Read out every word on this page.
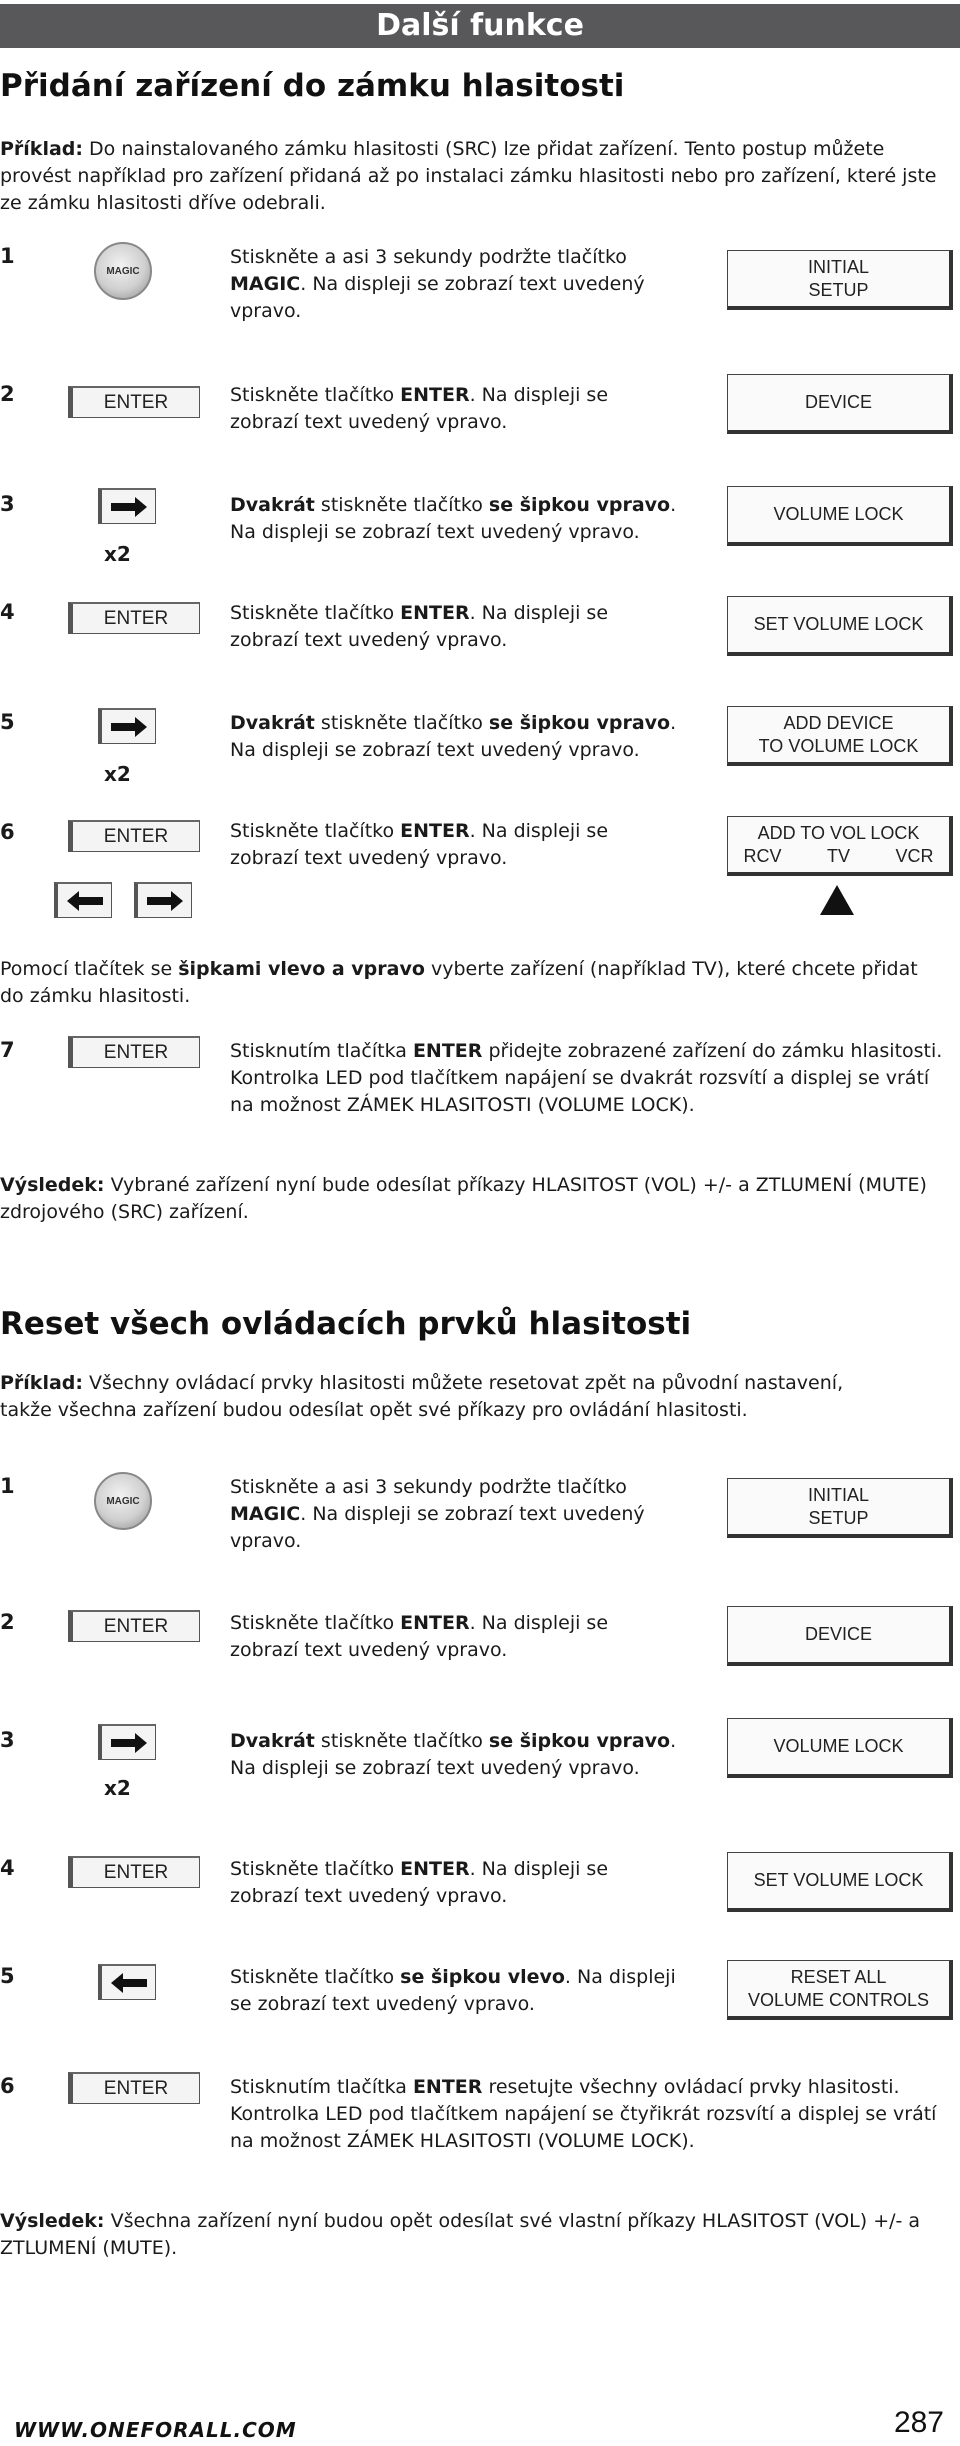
Další funkce
Přidání zařízení do zámku hlasitosti
Příklad: Do nainstalovaného zámku hlasitosti (SRC) lze přidat zařízení. Tento postup můžete provést například pro zařízení přidaná až po instalaci zámku hlasitosti nebo pro zařízení, které jste ze zámku hlasitosti dříve odebrali.
1
MAGIC
Stiskněte a asi 3 sekundy podržte tlačítko MAGIC. Na displeji se zobrazí text uvedený vpravo.
INITIAL
SETUP
2	ENTER	Stiskněte tlačítko ENTER. Na displeji se zobrazí text uvedený vpravo.
DEVICE
3
x2
Dvakrát stiskněte tlačítko se šipkou vpravo. Na displeji se zobrazí text uvedený vpravo.
VOLUME LOCK
4	ENTER	Stiskněte tlačítko ENTER. Na displeji se zobrazí text uvedený vpravo.
SET VOLUME LOCK
5
x2
Dvakrát stiskněte tlačítko se šipkou vpravo. Na displeji se zobrazí text uvedený vpravo.
ADD DEVICE
TO VOLUME LOCK
6	ENTER	Stiskněte tlačítko ENTER. Na displeji se zobrazí text uvedený vpravo.
ADD TO VOL LOCK
RCV	TV	VCR
Pomocí tlačítek se šipkami vlevo a vpravo vyberte zařízení (například TV), které chcete přidat do zámku hlasitosti.
7	ENTER	Stisknutím tlačítka ENTER přidejte zobrazené zařízení do zámku hlasitosti. Kontrolka LED pod tlačítkem napájení se dvakrát rozsvítí a displej se vrátí na možnost ZÁMEK HLASITOSTI (VOLUME LOCK).
Výsledek: Vybrané zařízení nyní bude odesílat příkazy HLASITOST (VOL) +/- a ZTLUMENÍ (MUTE) zdrojového (SRC) zařízení.
Reset všech ovládacích prvků hlasitosti
Příklad: Všechny ovládací prvky hlasitosti můžete resetovat zpět na původní nastavení, takže všechna zařízení budou odesílat opět své příkazy pro ovládání hlasitosti.
1
MAGIC
Stiskněte a asi 3 sekundy podržte tlačítko MAGIC. Na displeji se zobrazí text uvedený vpravo.
INITIAL
SETUP
2	ENTER	Stiskněte tlačítko ENTER. Na displeji se zobrazí text uvedený vpravo.
DEVICE
3
x2
Dvakrát stiskněte tlačítko se šipkou vpravo. Na displeji se zobrazí text uvedený vpravo.
VOLUME LOCK
4	ENTER	Stiskněte tlačítko ENTER. Na displeji se zobrazí text uvedený vpravo.
SET VOLUME LOCK
5	Stiskněte tlačítko se šipkou vlevo. Na displeji se zobrazí text uvedený vpravo.
RESET ALL
VOLUME CONTROLS
6	ENTER	Stisknutím tlačítka ENTER resetujte všechny ovládací prvky hlasitosti. Kontrolka LED pod tlačítkem napájení se čtyřikrát rozsvítí a displej se vrátí na možnost ZÁMEK HLASITOSTI (VOLUME LOCK).
Výsledek: Všechna zařízení nyní budou opět odesílat své vlastní příkazy HLASITOST (VOL) +/- a ZTLUMENÍ (MUTE).
WWW.ONEFORALL.COM	287
